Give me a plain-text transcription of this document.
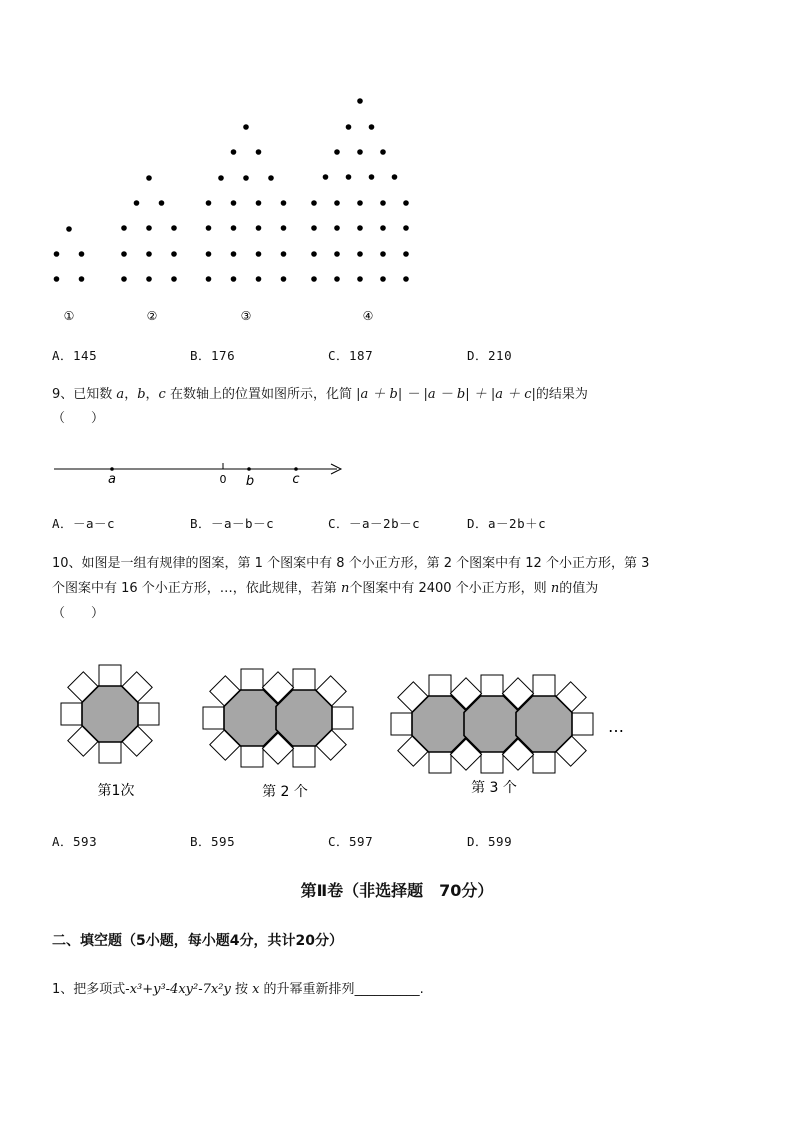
①	②	③	④
A．145	B．176	C．187	D．210
9、已知数 a，b，c 在数轴上的位置如图所示，化简 |a ＋ b| － |a － b| ＋ |a ＋ c|的结果为
（　　）
a	0 b	c
A．－a－c	B．－a－b－c	C．－a－2b－c	D．a－2b＋c
10、如图是一组有规律的图案，第 1 个图案中有 8 个小正方形，第 2 个图案中有 12 个小正方形，第 3
个图案中有 16 个小正方形，…，依此规律，若第 n个图案中有 2400 个小正方形，则 n的值为
（　　）
第1次	第 2 个	第 3 个
…
A．593	B．595	C．597	D．599
第Ⅱ卷（非选择题　70分）
二、填空题（5小题，每小题4分，共计20分）
1、把多项式-x³+y³-4xy²-7x²y 按 x 的升幂重新排列__________.
